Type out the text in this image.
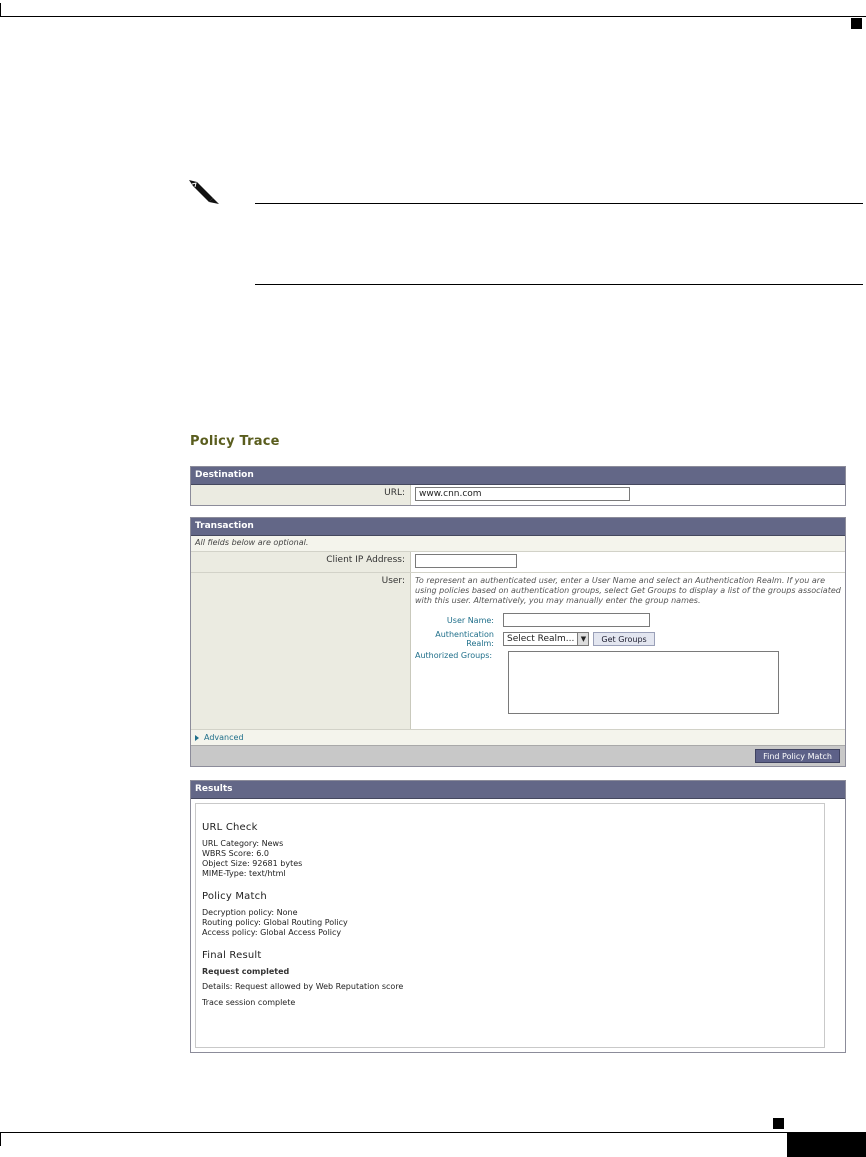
Policy Trace
Destination
URL:
www.cnn.com
Transaction
All fields below are optional.
Client IP Address:
User:	To represent an authenticated user, enter a User Name and select an Authentication Realm. If you are using policies based on authentication groups, select Get Groups to display a list of the groups associated with this user. Alternatively, you may manually enter the group names.
User Name:
Authentication Realm:	Select Realm... ▼	Get Groups
Authorized Groups:
Advanced
Find Policy Match
Results
URL Check
URL Category: News
WBRS Score: 6.0
Object Size: 92681 bytes
MIME-Type: text/html
Policy Match
Decryption policy: None
Routing policy: Global Routing Policy
Access policy: Global Access Policy
Final Result
Request completed
Details: Request allowed by Web Reputation score
Trace session complete
